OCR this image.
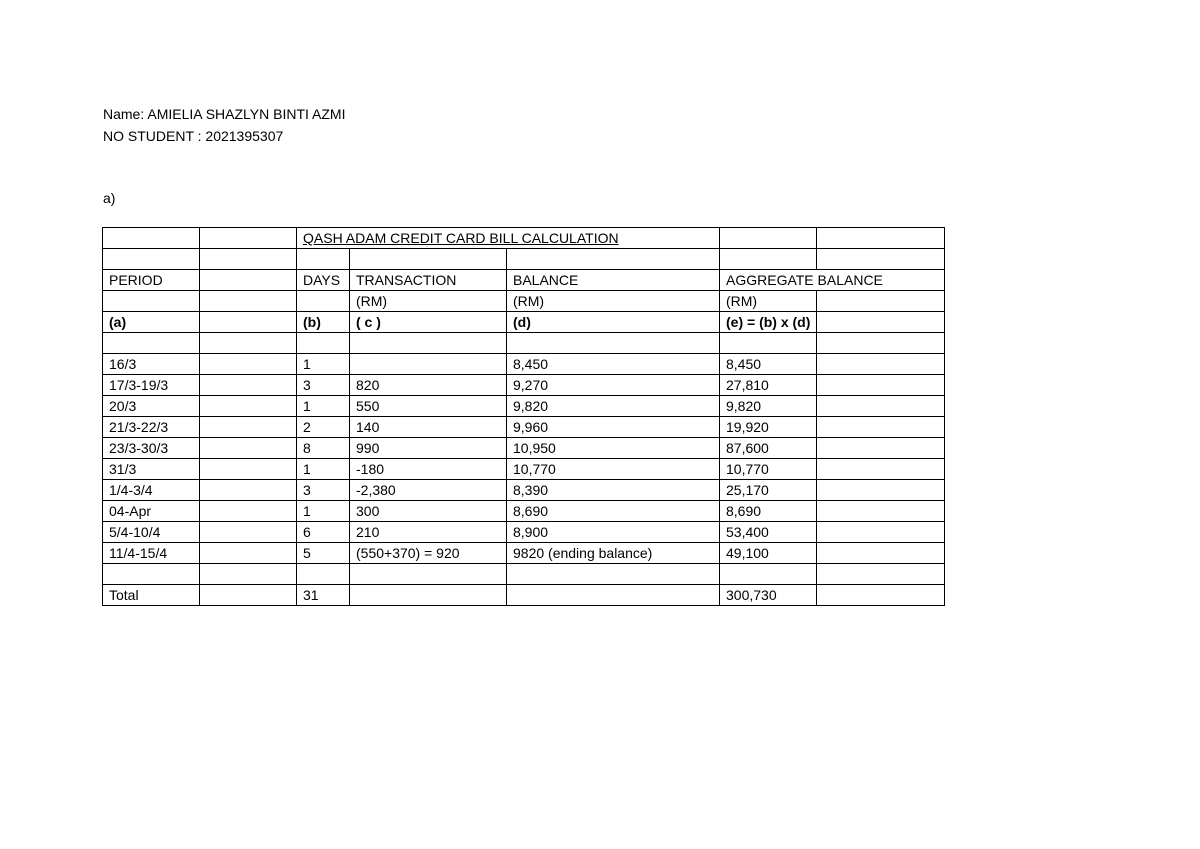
Name: AMIELIA SHAZLYN BINTI AZMI
NO STUDENT : 2021395307
a)
		QASH ADAM CREDIT CARD BILL CALCULATION				

PERIOD		DAYS	TRANSACTION	BALANCE	AGGREGATE BALANCE	
			(RM)	(RM)	(RM)	
(a)		(b)	( c )	(d)	(e) = (b) x (d)	

16/3		1		8,450	8,450	
17/3-19/3		3	820	9,270	27,810	
20/3		1	550	9,820	9,820	
21/3-22/3		2	140	9,960	19,920	
23/3-30/3		8	990	10,950	87,600	
31/3		1	-180	10,770	10,770	
1/4-3/4		3	-2,380	8,390	25,170	
04-Apr		1	300	8,690	8,690	
5/4-10/4		6	210	8,900	53,400	
11/4-15/4		5	(550+370) = 920	9820 (ending balance)	49,100	

Total		31			300,730	
